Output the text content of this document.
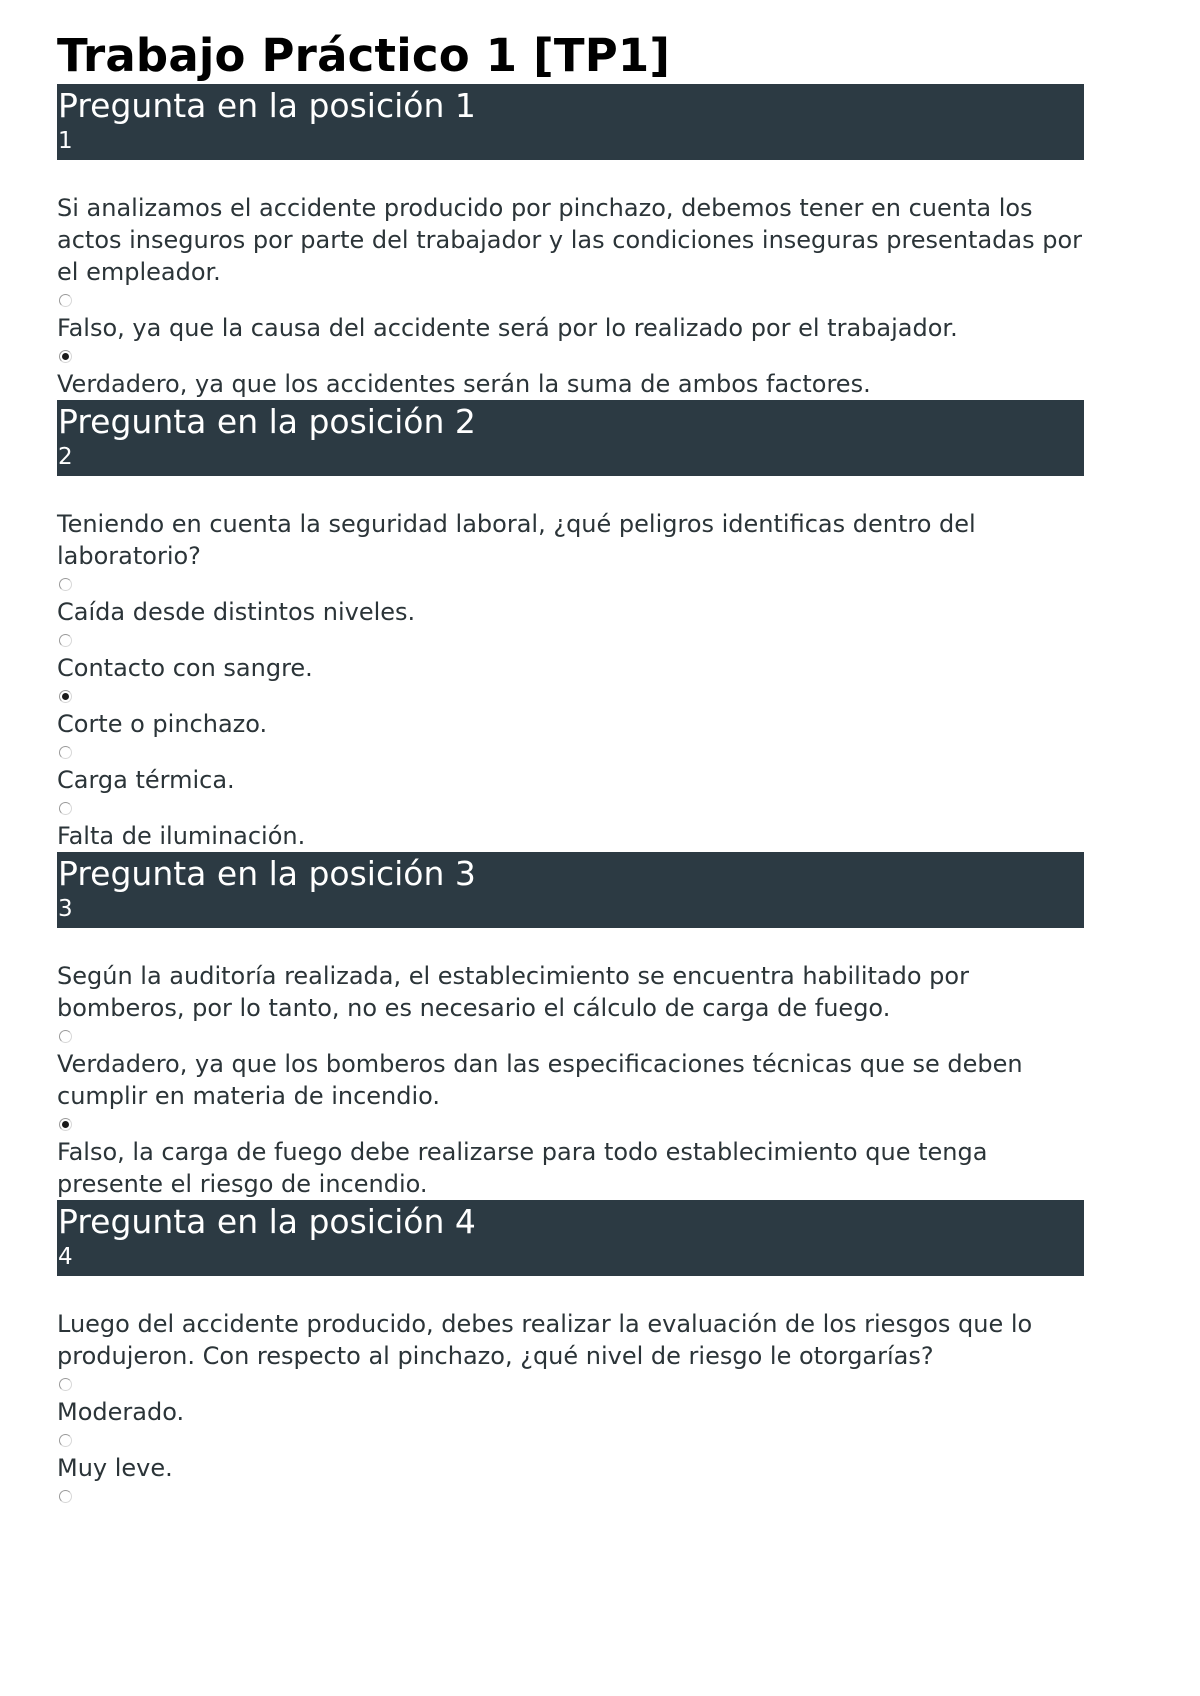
Trabajo Práctico 1 [TP1]
Pregunta en la posición 1
1

Si analizamos el accidente producido por pinchazo, debemos tener en cuenta los actos inseguros por parte del trabajador y las condiciones inseguras presentadas por el empleador.

Falso, ya que la causa del accidente será por lo realizado por el trabajador.
Verdadero, ya que los accidentes serán la suma de ambos factores.
Pregunta en la posición 2
2

Teniendo en cuenta la seguridad laboral, ¿qué peligros identificas dentro del laboratorio?

Caída desde distintos niveles.
Contacto con sangre.
Corte o pinchazo.
Carga térmica.
Falta de iluminación.
Pregunta en la posición 3
3

Según la auditoría realizada, el establecimiento se encuentra habilitado por bomberos, por lo tanto, no es necesario el cálculo de carga de fuego.

Verdadero, ya que los bomberos dan las especificaciones técnicas que se deben cumplir en materia de incendio.
Falso, la carga de fuego debe realizarse para todo establecimiento que tenga presente el riesgo de incendio.
Pregunta en la posición 4
4

Luego del accidente producido, debes realizar la evaluación de los riesgos que lo produjeron. Con respecto al pinchazo, ¿qué nivel de riesgo le otorgarías?

Moderado.
Muy leve.
